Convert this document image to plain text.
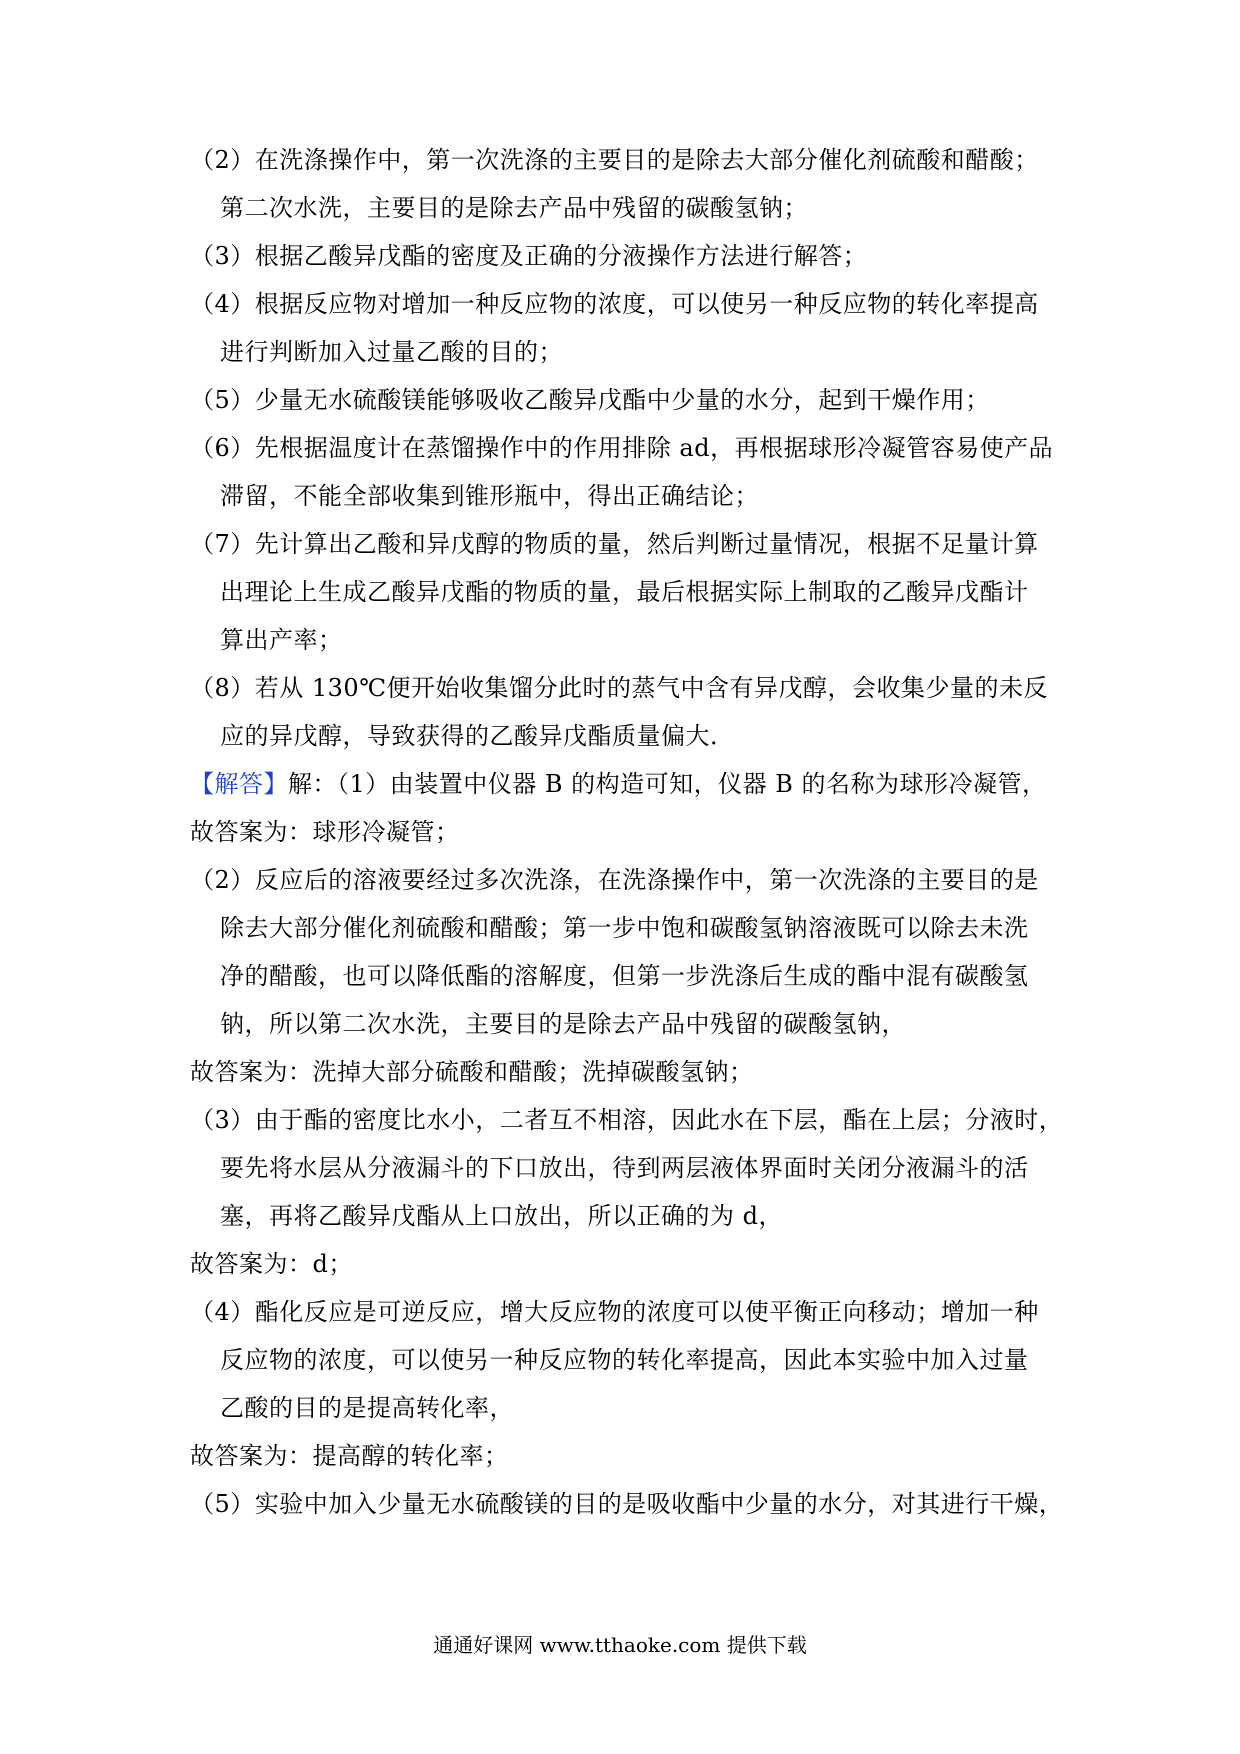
（2）在洗涤操作中，第一次洗涤的主要目的是除去大部分催化剂硫酸和醋酸；
第二次水洗，主要目的是除去产品中残留的碳酸氢钠；
（3）根据乙酸异戊酯的密度及正确的分液操作方法进行解答；
（4）根据反应物对增加一种反应物的浓度，可以使另一种反应物的转化率提高
进行判断加入过量乙酸的目的；
（5）少量无水硫酸镁能够吸收乙酸异戊酯中少量的水分，起到干燥作用；
（6）先根据温度计在蒸馏操作中的作用排除 ad，再根据球形冷凝管容易使产品
滞留，不能全部收集到锥形瓶中，得出正确结论；
（7）先计算出乙酸和异戊醇的物质的量，然后判断过量情况，根据不足量计算
出理论上生成乙酸异戊酯的物质的量，最后根据实际上制取的乙酸异戊酯计
算出产率；
（8）若从 130℃便开始收集馏分此时的蒸气中含有异戊醇，会收集少量的未反
应的异戊醇，导致获得的乙酸异戊酯质量偏大．
【解答】解：（1）由装置中仪器 B 的构造可知，仪器 B 的名称为球形冷凝管，
故答案为：球形冷凝管；
（2）反应后的溶液要经过多次洗涤，在洗涤操作中，第一次洗涤的主要目的是
除去大部分催化剂硫酸和醋酸；第一步中饱和碳酸氢钠溶液既可以除去未洗
净的醋酸，也可以降低酯的溶解度，但第一步洗涤后生成的酯中混有碳酸氢
钠，所以第二次水洗，主要目的是除去产品中残留的碳酸氢钠，
故答案为：洗掉大部分硫酸和醋酸；洗掉碳酸氢钠；
（3）由于酯的密度比水小，二者互不相溶，因此水在下层，酯在上层；分液时，
要先将水层从分液漏斗的下口放出，待到两层液体界面时关闭分液漏斗的活
塞，再将乙酸异戊酯从上口放出，所以正确的为 d，
故答案为：d；
（4）酯化反应是可逆反应，增大反应物的浓度可以使平衡正向移动；增加一种
反应物的浓度，可以使另一种反应物的转化率提高，因此本实验中加入过量
乙酸的目的是提高转化率，
故答案为：提高醇的转化率；
（5）实验中加入少量无水硫酸镁的目的是吸收酯中少量的水分，对其进行干燥，
通通好课网 www.tthaoke.com 提供下载
